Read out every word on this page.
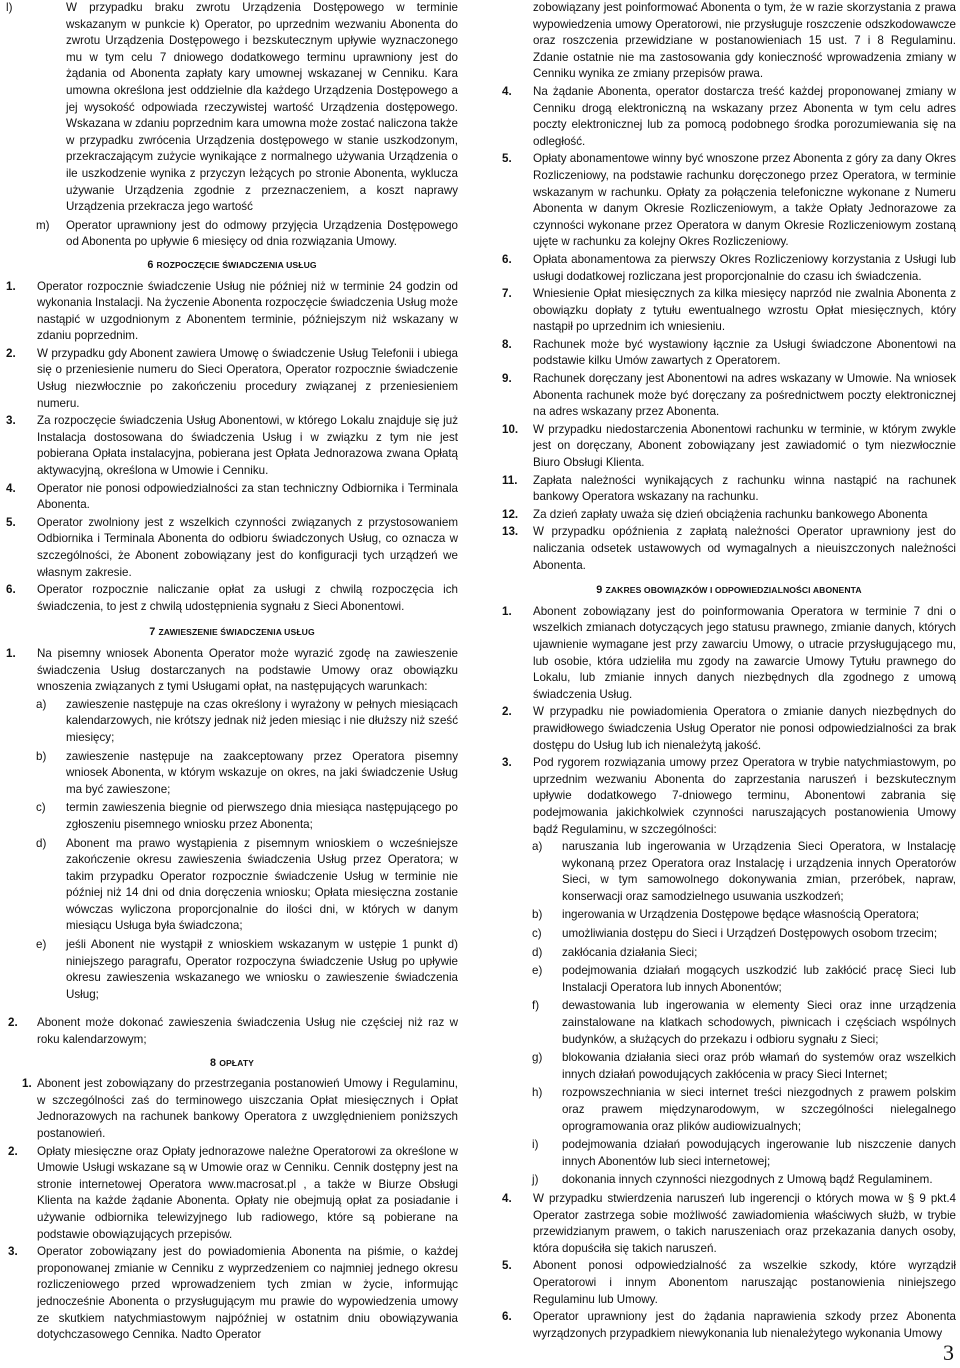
l)	W przypadku braku zwrotu Urządzenia Dostępowego w terminie wskazanym w punkcie k) Operator, po uprzednim wezwaniu Abonenta do zwrotu Urządzenia Dostępowego i bezskutecznym upływie wyznaczonego mu w tym celu 7 dniowego dodatkowego terminu uprawniony jest do żądania od Abonenta zapłaty kary umownej wskazanej w Cenniku. Kara umowna określona jest oddzielnie dla każdego Urządzenia Dostępowego a jej wysokość odpowiada rzeczywistej wartość Urządzenia dostępowego. Wskazana w zdaniu poprzednim kara umowna może zostać naliczona także w przypadku zwrócenia Urządzenia dostępowego w stanie uszkodzonym, przekraczającym zużycie wynikające z normalnego używania Urządzenia o ile uszkodzenie wynika z przyczyn leżących po stronie Abonenta, wyklucza używanie Urządzenia zgodnie z przeznaczeniem, a koszt naprawy Urządzenia przekracza jego wartość
m) Operator uprawniony jest do odmowy przyjęcia Urządzenia Dostępowego od Abonenta po upływie 6 miesięcy od dnia rozwiązania Umowy.
6 ROZPOCZĘCIE ŚWIADCZENIA USŁUG
1. Operator rozpocznie świadczenie Usług nie później niż w terminie 24 godzin od wykonania Instalacji. Na życzenie Abonenta rozpoczęcie świadczenia Usług może nastąpić w uzgodnionym z Abonentem terminie, późniejszym niż wskazany w zdaniu poprzednim.
2. W przypadku gdy Abonent zawiera Umowę o świadczenie Usług Telefonii i ubiega się o przeniesienie numeru do Sieci Operatora, Operator rozpocznie świadczenie Usług niezwłocznie po zakończeniu procedury związanej z przeniesieniem numeru.
3. Za rozpoczęcie świadczenia Usług Abonentowi, w którego Lokalu znajduje się już Instalacja dostosowana do świadczenia Usług i w związku z tym nie jest pobierana Opłata instalacyjna, pobierana jest Opłata Jednorazowa zwana Opłatą aktywacyjną, określona w Umowie i Cenniku.
4. Operator nie ponosi odpowiedzialności za stan techniczny Odbiornika i Terminala Abonenta.
5. Operator zwolniony jest z wszelkich czynności związanych z przystosowaniem Odbiornika i Terminala Abonenta do odbioru świadczonych Usług, co oznacza w szczególności, że Abonent zobowiązany jest do konfiguracji tych urządzeń we własnym zakresie.
6. Operator rozpocznie naliczanie opłat za usługi z chwilą rozpoczęcia ich świadczenia, to jest z chwilą udostępnienia sygnału z Sieci Abonentowi.
7 ZAWIESZENIE ŚWIADCZENIA USŁUG
1. Na pisemny wniosek Abonenta Operator może wyrazić zgodę na zawieszenie świadczenia Usług dostarczanych na podstawie Umowy oraz obowiązku wnoszenia związanych z tymi Usługami opłat, na następujących warunkach:
a) zawieszenie następuje na czas określony i wyrażony w pełnych miesiącach kalendarzowych, nie krótszy jednak niż jeden miesiąc i nie dłuższy niż sześć miesięcy;
b) zawieszenie następuje na zaakceptowany przez Operatora pisemny wniosek Abonenta, w którym wskazuje on okres, na jaki świadczenie Usług ma być zawieszone;
c) termin zawieszenia biegnie od pierwszego dnia miesiąca następującego po zgłoszeniu pisemnego wniosku przez Abonenta;
d) Abonent ma prawo wystąpienia z pisemnym wnioskiem o wcześniejsze zakończenie okresu zawieszenia świadczenia Usług przez Operatora; w takim przypadku Operator rozpocznie świadczenie Usług w terminie nie później niż 14 dni od dnia doręczenia wniosku; Opłata miesięczna zostanie wówczas wyliczona proporcjonalnie do ilości dni, w których w danym miesiącu Usługa była świadczona;
e) jeśli Abonent nie wystąpił z wnioskiem wskazanym w ustępie 1 punkt d) niniejszego paragrafu, Operator rozpoczyna świadczenie Usług po upływie okresu zawieszenia wskazanego we wniosku o zawieszenie świadczenia Usług;
2. Abonent może dokonać zawieszenia świadczenia Usług nie częściej niż raz w roku kalendarzowym;
8 OPŁATY
1. Abonent jest zobowiązany do przestrzegania postanowień Umowy i Regulaminu, w szczególności zaś do terminowego uiszczania Opłat miesięcznych i Opłat Jednorazowych na rachunek bankowy Operatora z uwzględnieniem poniższych postanowień.
2. Opłaty miesięczne oraz Opłaty jednorazowe należne Operatorowi za określone w Umowie Usługi wskazane są w Umowie oraz w Cenniku. Cennik dostępny jest na stronie internetowej Operatora www.macrosat.pl , a także w Biurze Obsługi Klienta na każde żądanie Abonenta. Opłaty nie obejmują opłat za posiadanie i używanie odbiornika telewizyjnego lub radiowego, które są pobierane na podstawie obowiązujących przepisów.
3. Operator zobowiązany jest do powiadomienia Abonenta na piśmie, o każdej proponowanej zmianie w Cenniku z wyprzedzeniem co najmniej jednego okresu rozliczeniowego przed wprowadzeniem tych zmian w życie, informując jednocześnie Abonenta o przysługującym mu prawie do wypowiedzenia umowy ze skutkiem natychmiastowym najpóźniej w ostatnim dniu obowiązywania dotychczasowego Cennika. Nadto Operator
zobowiązany jest poinformować Abonenta o tym, że w razie skorzystania z prawa wypowiedzenia umowy Operatorowi, nie przysługuje roszczenie odszkodowawcze oraz roszczenia przewidziane w postanowieniach 15 ust. 7 i 8 Regulaminu. Zdanie ostatnie nie ma zastosowania gdy konieczność wprowadzenia zmiany w Cenniku wynika ze zmiany przepisów prawa.
4. Na żądanie Abonenta, operator dostarcza treść każdej proponowanej zmiany w Cenniku drogą elektroniczną na wskazany przez Abonenta w tym celu adres poczty elektronicznej lub za pomocą podobnego środka porozumiewania się na odległość.
5. Opłaty abonamentowe winny być wnoszone przez Abonenta z góry za dany Okres Rozliczeniowy, na podstawie rachunku doręczonego przez Operatora, w terminie wskazanym w rachunku. Opłaty za połączenia telefoniczne wykonane z Numeru Abonenta w danym Okresie Rozliczeniowym, a także Opłaty Jednorazowe za czynności wykonane przez Operatora w danym Okresie Rozliczeniowym zostaną ujęte w rachunku za kolejny Okres Rozliczeniowy.
6. Opłata abonamentowa za pierwszy Okres Rozliczeniowy korzystania z Usługi lub usługi dodatkowej rozliczana jest proporcjonalnie do czasu ich świadczenia.
7. Wniesienie Opłat miesięcznych za kilka miesięcy naprzód nie zwalnia Abonenta z obowiązku dopłaty z tytułu ewentualnego wzrostu Opłat miesięcznych, który nastąpił po uprzednim ich wniesieniu.
8. Rachunek może być wystawiony łącznie za Usługi świadczone Abonentowi na podstawie kilku Umów zawartych z Operatorem.
9. Rachunek doręczany jest Abonentowi na adres wskazany w Umowie. Na wniosek Abonenta rachunek może być doręczany za pośrednictwem poczty elektronicznej na adres wskazany przez Abonenta.
10. W przypadku niedostarczenia Abonentowi rachunku w terminie, w którym zwykle jest on doręczany, Abonent zobowiązany jest zawiadomić o tym niezwłocznie Biuro Obsługi Klienta.
11. Zapłata należności wynikających z rachunku winna nastąpić na rachunek bankowy Operatora wskazany na rachunku.
12. Za dzień zapłaty uważa się dzień obciążenia rachunku bankowego Abonenta
13. W przypadku opóźnienia z zapłatą należności Operator uprawniony jest do naliczania odsetek ustawowych od wymagalnych a nieuiszczonych należności Abonenta.
9 ZAKRES OBOWIĄZKÓW I ODPOWIEDZIALNOŚCI ABONENTA
1. Abonent zobowiązany jest do poinformowania Operatora w terminie 7 dni o wszelkich zmianach dotyczących jego statusu prawnego, zmianie danych, których ujawnienie wymagane jest przy zawarciu Umowy, o utracie przysługującego mu, lub osobie, która udzieliła mu zgody na zawarcie Umowy Tytułu prawnego do Lokalu, lub zmianie innych danych niezbędnych dla zgodnego z umową świadczenia Usług.
2. W przypadku nie powiadomienia Operatora o zmianie danych niezbędnych do prawidłowego świadczenia Usług Operator nie ponosi odpowiedzialności za brak dostępu do Usług lub ich nienależytą jakość.
3. Pod rygorem rozwiązania umowy przez Operatora w trybie natychmiastowym, po uprzednim wezwaniu Abonenta do zaprzestania naruszeń i bezskutecznym upływie dodatkowego 7-dniowego terminu, Abonentowi zabrania się podejmowania jakichkolwiek czynności naruszających postanowienia Umowy bądź Regulaminu, w szczególności:
a) naruszania lub ingerowania w Urządzenia Sieci Operatora, w Instalację wykonaną przez Operatora oraz Instalację i urządzenia innych Operatorów Sieci, w tym samowolnego dokonywania zmian, przeróbek, napraw, konserwacji oraz samodzielnego usuwania uszkodzeń;
b) ingerowania w Urządzenia Dostępowe będące własnością Operatora;
c) umożliwiania dostępu do Sieci i Urządzeń Dostępowych osobom trzecim;
d) zakłócania działania Sieci;
e) podejmowania działań mogących uszkodzić lub zakłócić pracę Sieci lub Instalacji Operatora lub innych Abonentów;
f) dewastowania lub ingerowania w elementy Sieci oraz inne urządzenia zainstalowane na klatkach schodowych, piwnicach i częściach wspólnych budynków, a służących do przekazu i odbioru sygnału z Sieci;
g) blokowania działania sieci oraz prób włamań do systemów oraz wszelkich innych działań powodujących zakłócenia w pracy Sieci Internet;
h) rozpowszechniania w sieci internet treści niezgodnych z prawem polskim oraz prawem międzynarodowym, w szczególności nielegalnego oprogramowania oraz plików audiowizualnych;
i) podejmowania działań powodujących ingerowanie lub niszczenie danych innych Abonentów lub sieci internetowej;
j) dokonania innych czynności niezgodnych z Umową bądź Regulaminem.
4. W przypadku stwierdzenia naruszeń lub ingerencji o których mowa w § 9 pkt.4 Operator zastrzega sobie możliwość zawiadomienia właściwych służb, w trybie przewidzianym prawem, o takich naruszeniach oraz przekazania danych osoby, która dopuściła się takich naruszeń.
5. Abonent ponosi odpowiedzialność za wszelkie szkody, które wyrządził Operatorowi i innym Abonentom naruszając postanowienia niniejszego Regulaminu lub Umowy.
6. Operator uprawniony jest do żądania naprawienia szkody przez Abonenta wyrządzonych przypadkiem niewykonania lub nienależytego wykonania Umowy
3
